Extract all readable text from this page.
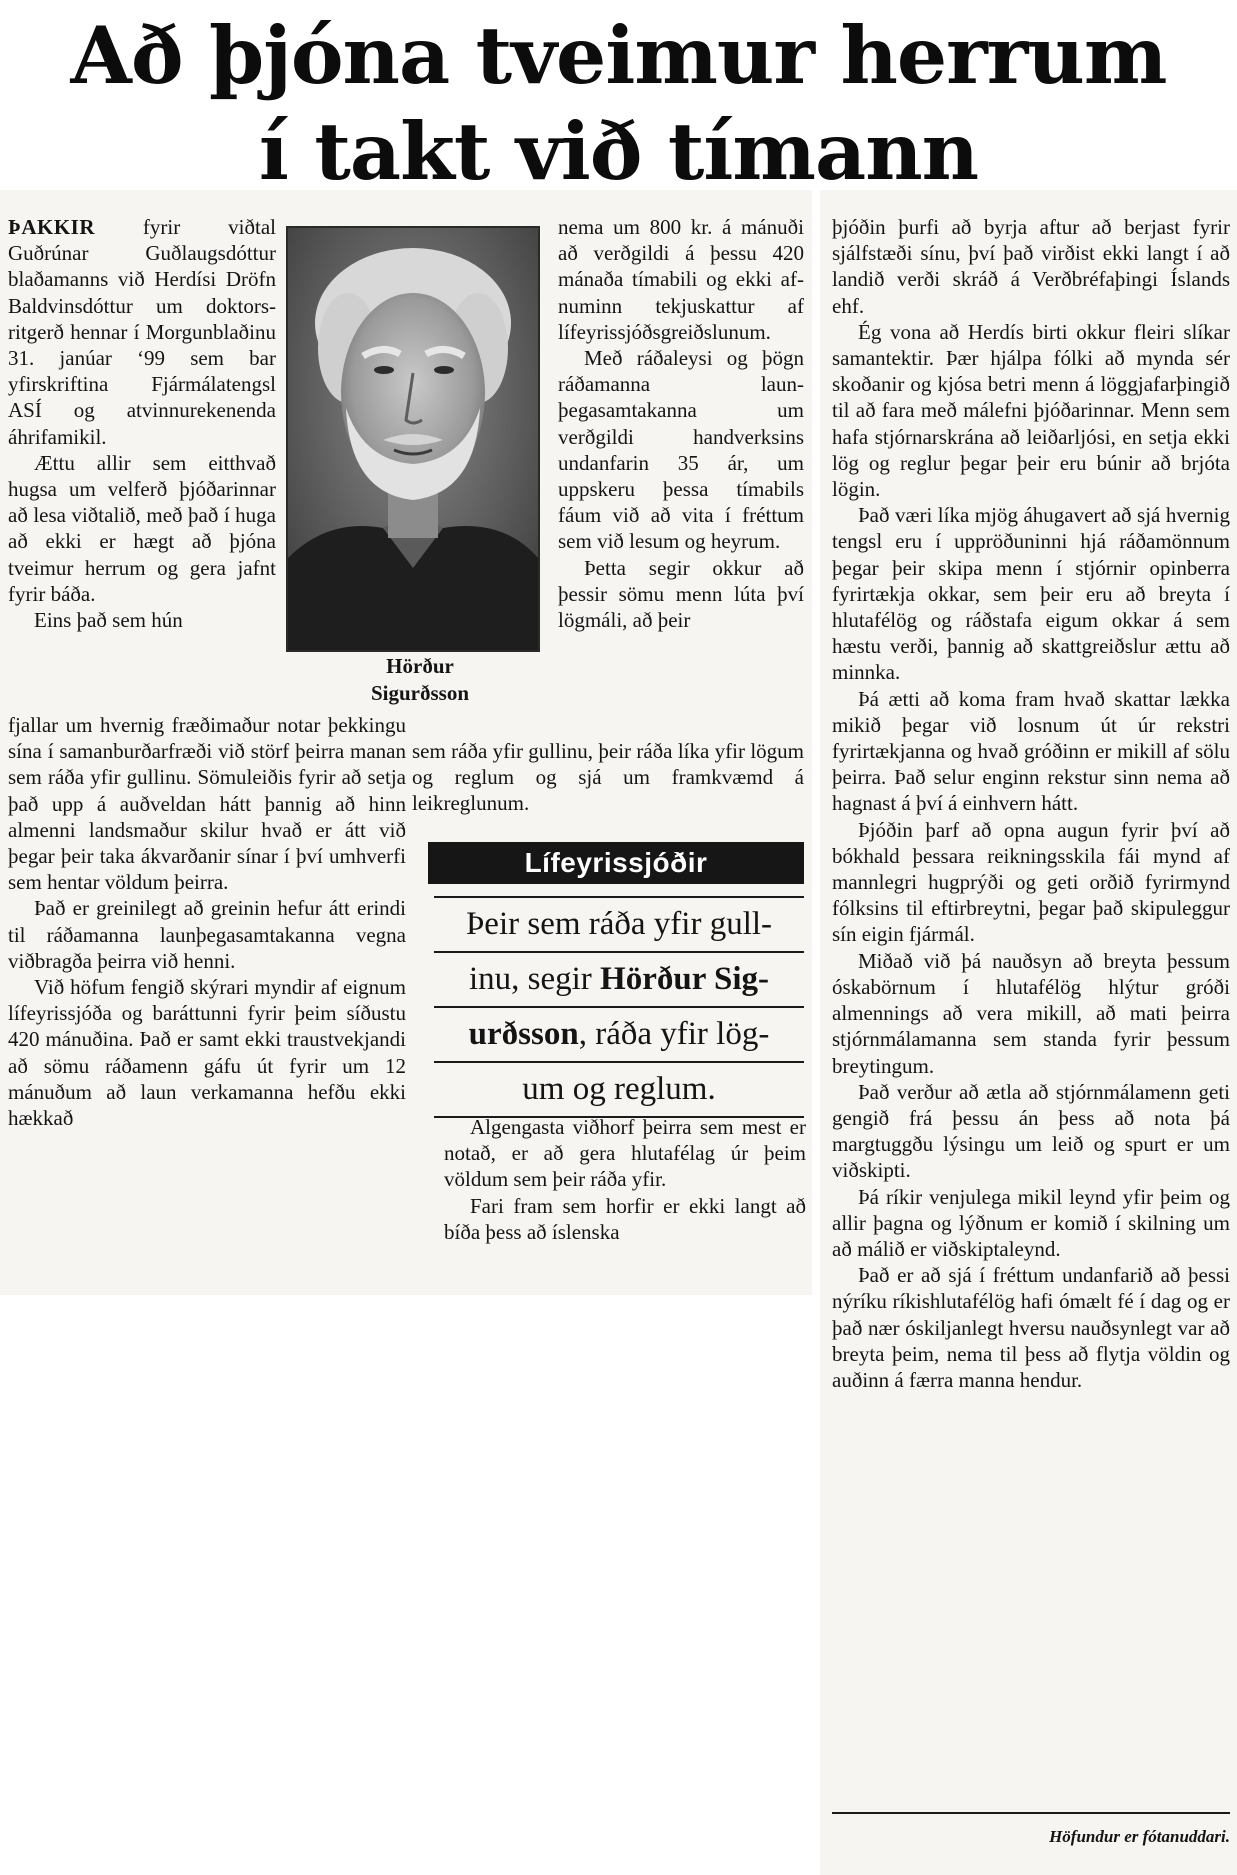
Að þjóna tveimur herrum
í takt við tímann

ÞAKKIR fyrir viðtal Guðrúnar Guðlaugsdóttur blaðamanns við Herdísi Dröfn Baldvinsdóttur um doktorsritgerð hennar í Morgunblaðinu 31. janúar ‘99 sem bar yfirskriftina Fjármálatengsl ASÍ og atvinnurekenenda áhrifamikil.

Ættu allir sem eitthvað hugsa um velferð þjóðarinnar að lesa viðtalið, með það í huga að ekki er hægt að þjóna tveimur herrum og gera jafnt fyrir báða.

Eins það sem hún

Hörður
Sigurðsson

fjallar um hvernig fræðimaður notar þekkingu sína í samanburðarfræði við störf þeirra manan sem ráða yfir gullinu. Sömuleiðis fyrir að setja það upp á auðveldan hátt þannig að hinn almenni landsmaður skilur hvað er átt við þegar þeir taka ákvarðanir sínar í því umhverfi sem hentar völdum þeirra.

Það er greinilegt að greinin hefur átt erindi til ráðamanna launþegasamtakanna vegna viðbragða þeirra við henni.

Við höfum fengið skýrari myndir af eignum lífeyrissjóða og baráttunni fyrir þeim síðustu 420 mánuðina. Það er samt ekki traustvekjandi að sömu ráðamenn gáfu út fyrir um 12 mánuðum að laun verkamanna hefðu ekki hækkað

nema um 800 kr. á mánuði að verðgildi á þessu 420 mánaða tímabili og ekki afnuminn tekjuskattur af lífeyrissjóðsgreiðslunum.

Með ráðaleysi og þögn ráðamanna launþegasamtakanna um verðgildi handverksins undanfarin 35 ár, um uppskeru þessa tímabils fáum við að vita í fréttum sem við lesum og heyrum.

Þetta segir okkur að þessir sömu menn lúta því lögmáli, að þeir

sem ráða yfir gullinu, þeir ráða líka yfir lögum og reglum og sjá um framkvæmd á leikreglunum.

Lífeyrissjóðir
Þeir sem ráða yfir gull-
inu, segir Hörður Sig-
urðsson, ráða yfir lög-
um og reglum.

Algengasta viðhorf þeirra sem mest er notað, er að gera hlutafélag úr þeim völdum sem þeir ráða yfir.

Fari fram sem horfir er ekki langt að bíða þess að íslenska

þjóðin þurfi að byrja aftur að berjast fyrir sjálfstæði sínu, því það virðist ekki langt í að landið verði skráð á Verðbréfaþingi Íslands ehf.

Ég vona að Herdís birti okkur fleiri slíkar samantektir. Þær hjálpa fólki að mynda sér skoðanir og kjósa betri menn á löggjafarþingið til að fara með málefni þjóðarinnar. Menn sem hafa stjórnarskrána að leiðarljósi, en setja ekki lög og reglur þegar þeir eru búnir að brjóta lögin.

Það væri líka mjög áhugavert að sjá hvernig tengsl eru í uppröðuninni hjá ráðamönnum þegar þeir skipa menn í stjórnir opinberra fyrirtækja okkar, sem þeir eru að breyta í hlutafélög og ráðstafa eigum okkar á sem hæstu verði, þannig að skattgreiðslur ættu að minnka.

Þá ætti að koma fram hvað skattar lækka mikið þegar við losnum út úr rekstri fyrirtækjanna og hvað gróðinn er mikill af sölu þeirra. Það selur enginn rekstur sinn nema að hagnast á því á einhvern hátt.

Þjóðin þarf að opna augun fyrir því að bókhald þessara reikningsskila fái mynd af mannlegri hugprýði og geti orðið fyrirmynd fólksins til eftirbreytni, þegar það skipuleggur sín eigin fjármál.

Miðað við þá nauðsyn að breyta þessum óskabörnum í hlutafélög hlýtur gróði almennings að vera mikill, að mati þeirra stjórnmálamanna sem standa fyrir þessum breytingum.

Það verður að ætla að stjórnmálamenn geti gengið frá þessu án þess að nota þá margtuggðu lýsingu um leið og spurt er um viðskipti.

Þá ríkir venjulega mikil leynd yfir þeim og allir þagna og lýðnum er komið í skilning um að málið er viðskiptaleynd.

Það er að sjá í fréttum undanfarið að þessi nýríku ríkishlutafélög hafi ómælt fé í dag og er það nær óskiljanlegt hversu nauðsynlegt var að breyta þeim, nema til þess að flytja völdin og auðinn á færra manna hendur.

Höfundur er fótanuddari.
